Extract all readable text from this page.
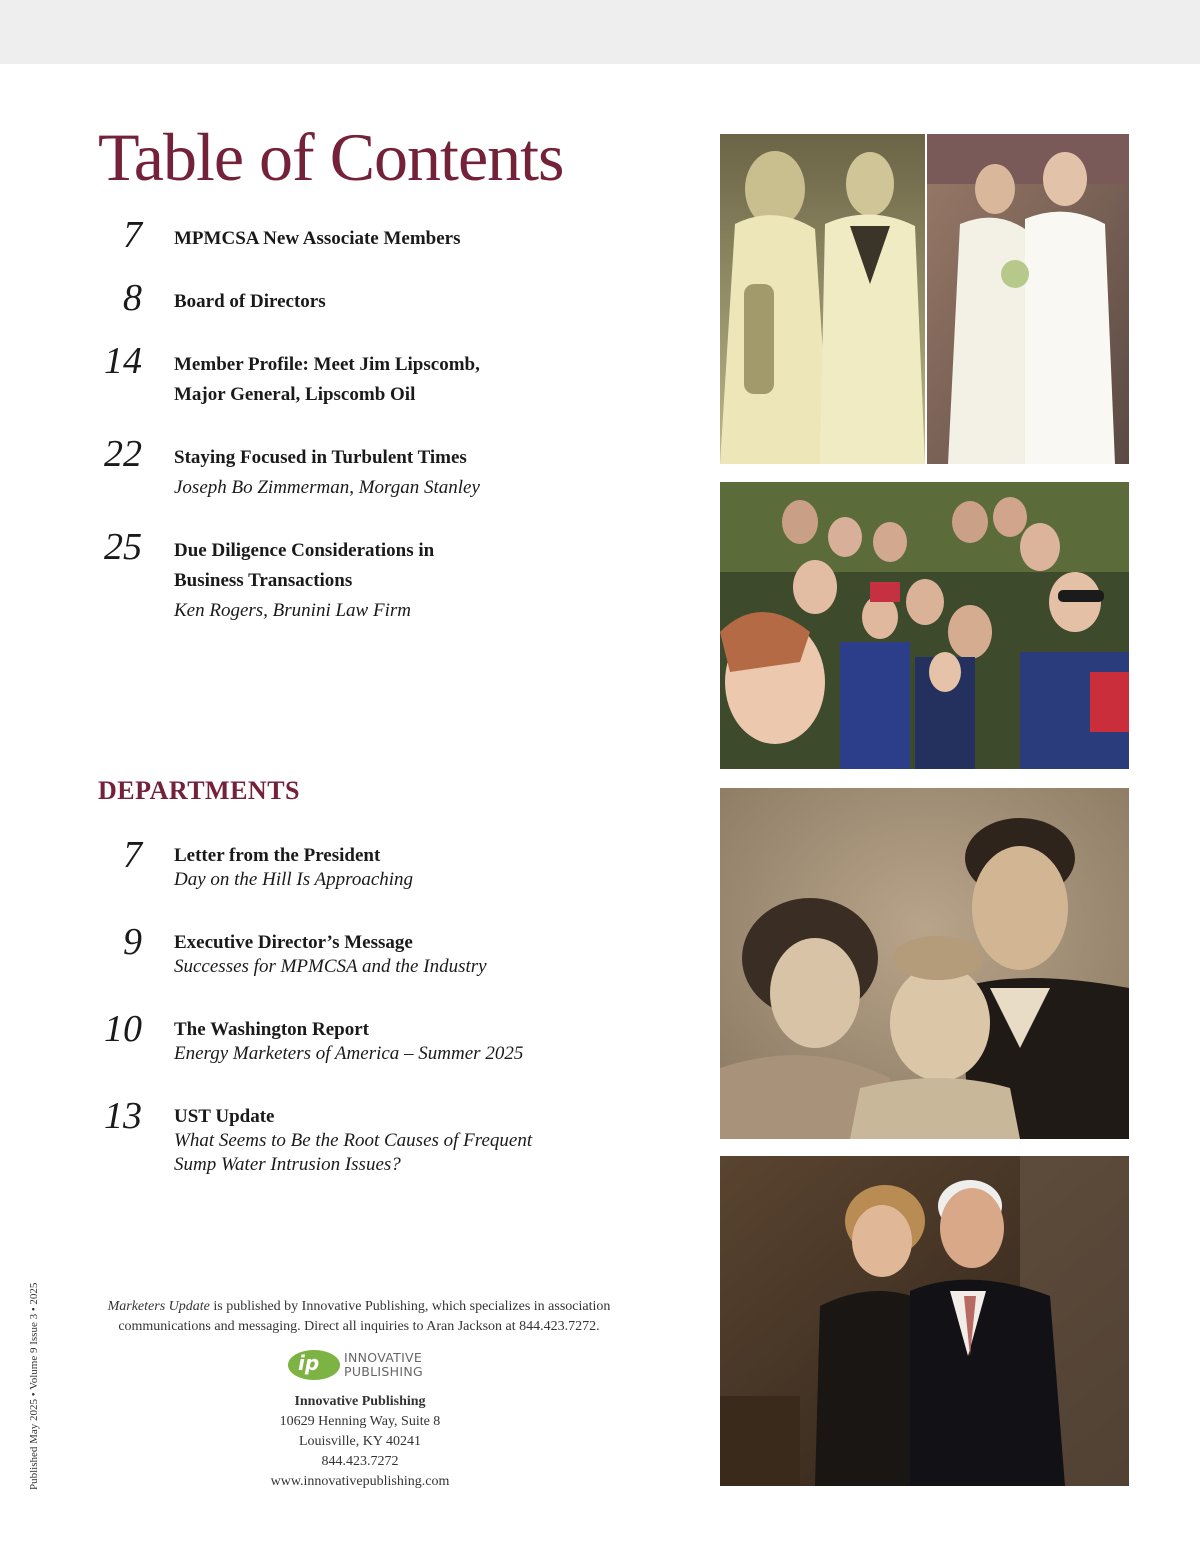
Table of Contents
7 MPMCSA New Associate Members
8 Board of Directors
14 Member Profile: Meet Jim Lipscomb,
Major General, Lipscomb Oil
22 Staying Focused in Turbulent Times
Joseph Bo Zimmerman, Morgan Stanley
25 Due Diligence Considerations in
Business Transactions
Ken Rogers, Brunini Law Firm
DEPARTMENTS
7 Letter from the President
Day on the Hill Is Approaching
9 Executive Director’s Message
Successes for MPMCSA and the Industry
10 The Washington Report
Energy Marketers of America – Summer 2025
13 UST Update
What Seems to Be the Root Causes of Frequent
Sump Water Intrusion Issues?
Published May 2025 • Volume 9 Issue 3 • 2025	Marketers Update is published by Innovative Publishing, which specializes in association
communications and messaging. Direct all inquiries to Aran Jackson at 844.423.7272.
ip INNOVATIVE
PUBLISHING
Innovative Publishing
10629 Henning Way, Suite 8
Louisville, KY 40241
844.423.7272
www.innovativepublishing.com
